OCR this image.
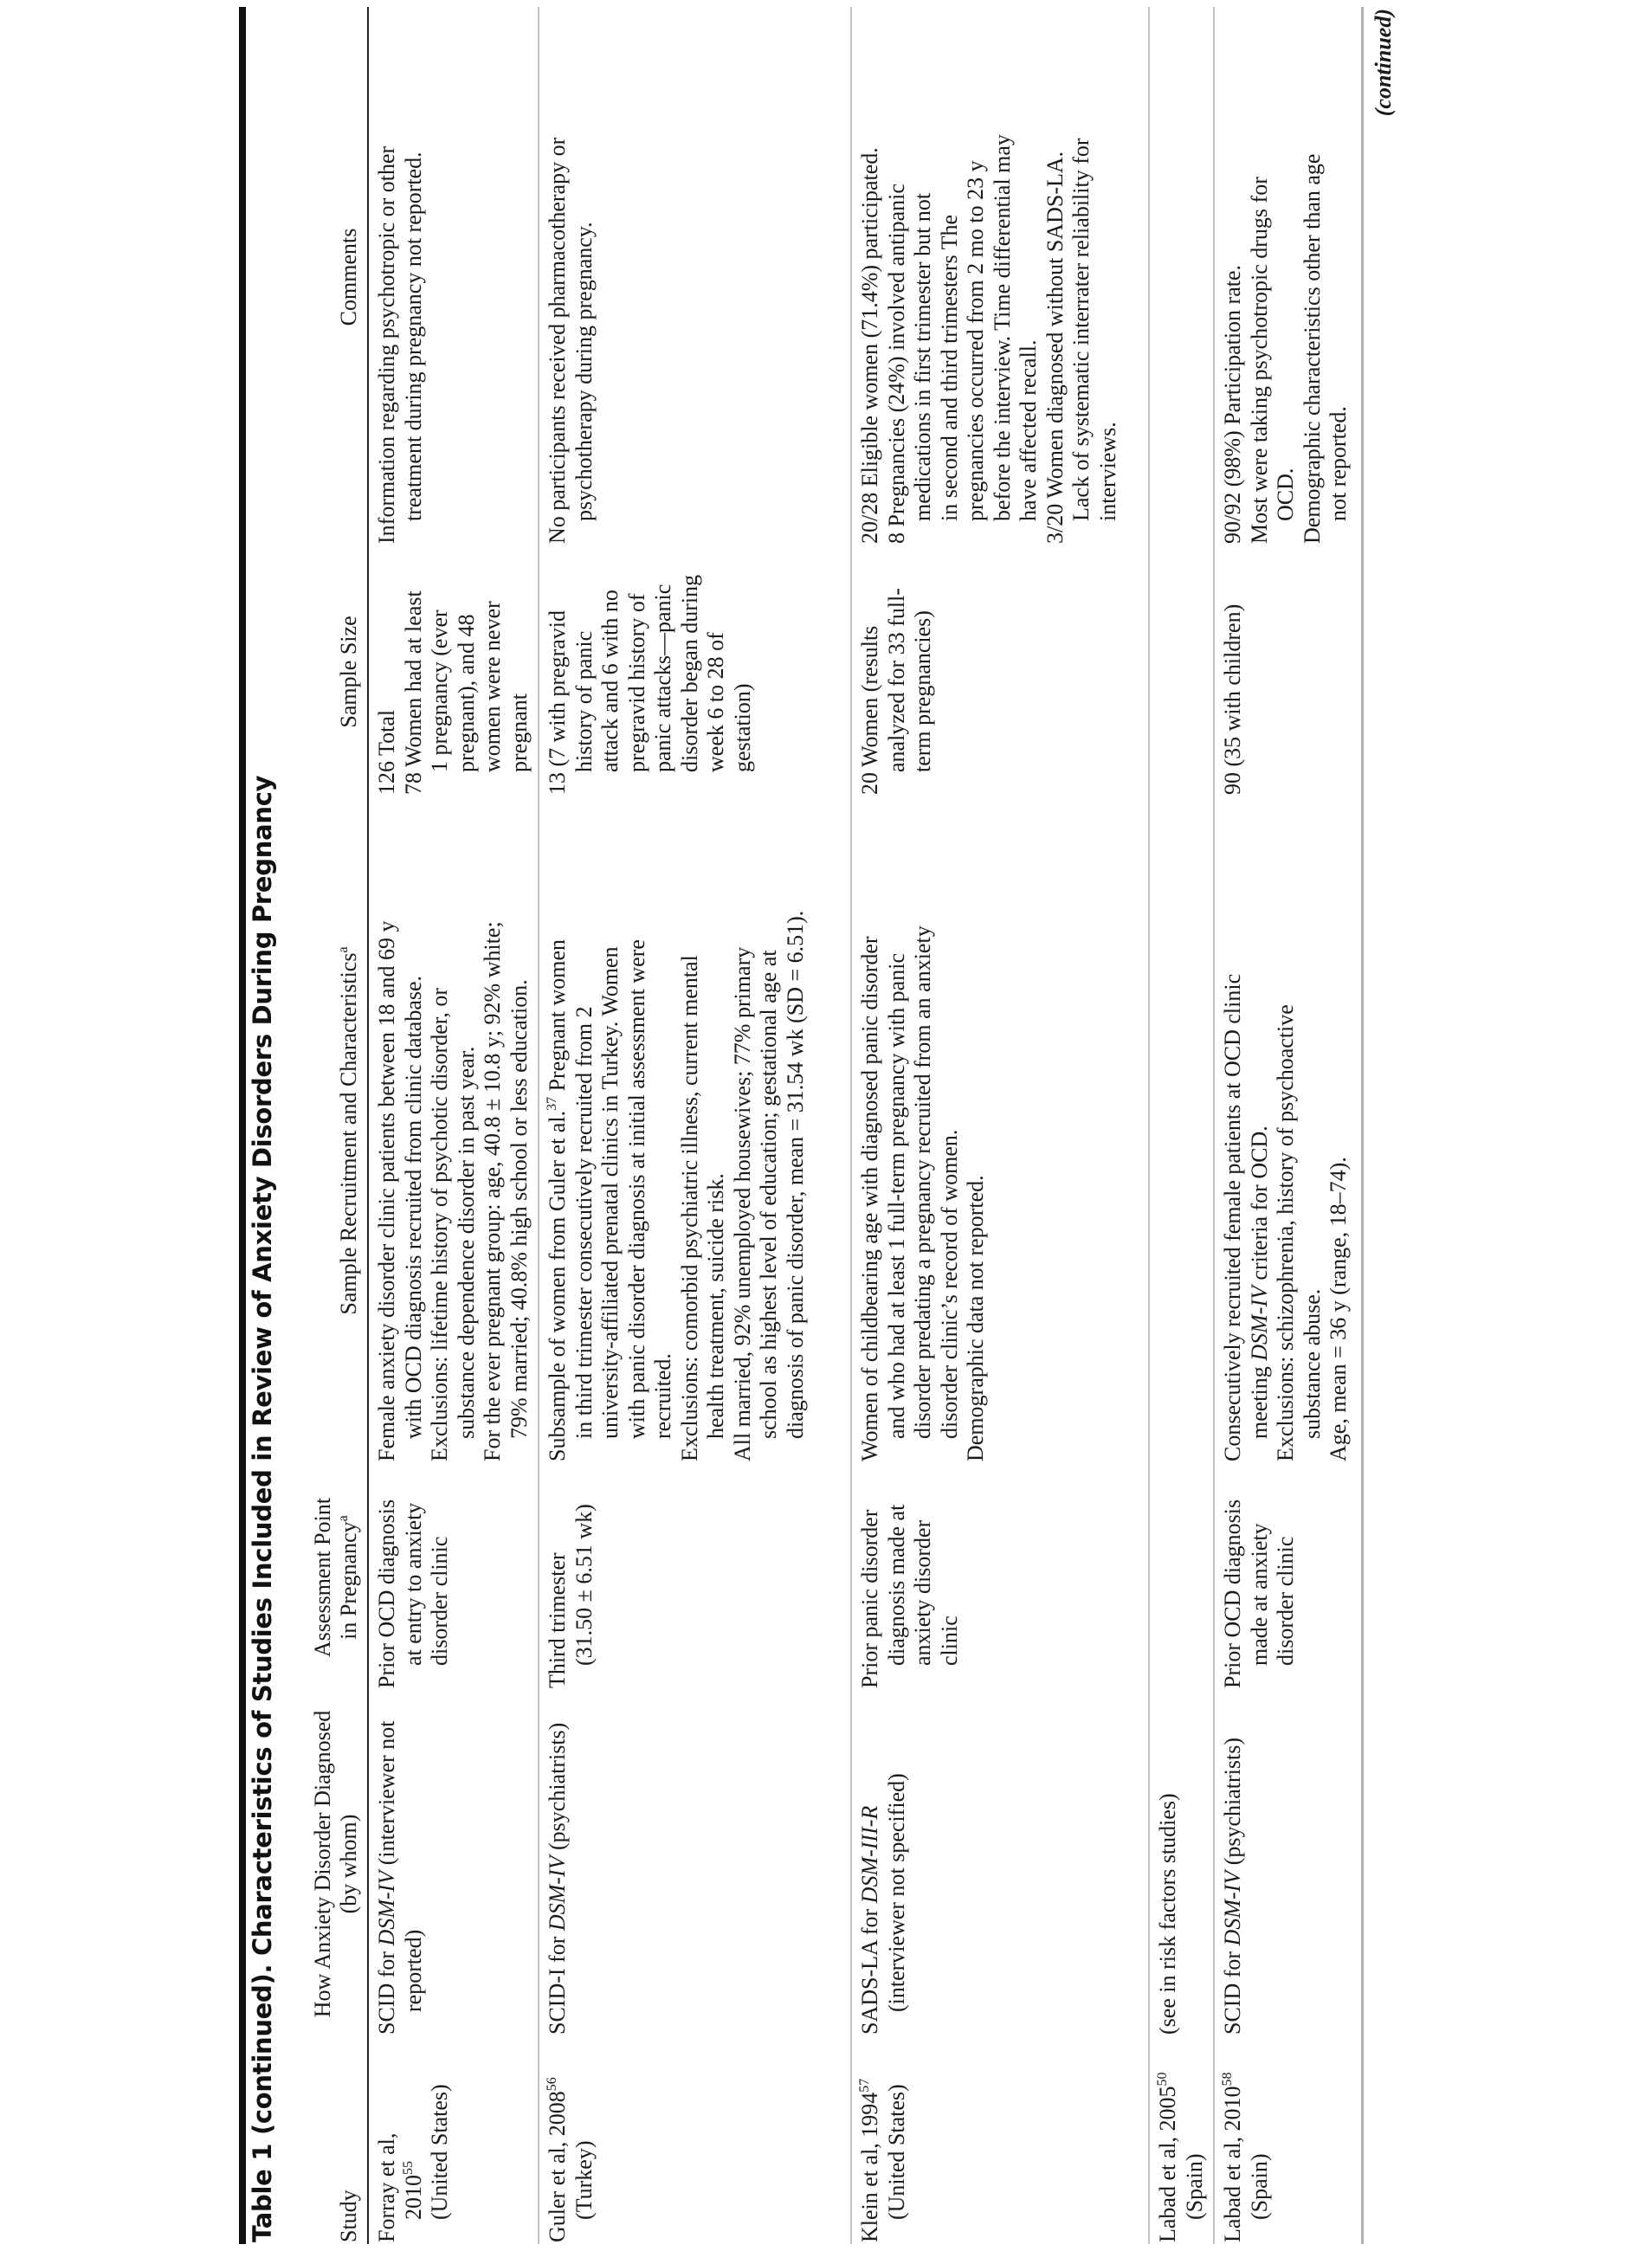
Table 1 (continued). Characteristics of Studies Included in Review of Anxiety Disorders During Pregnancy	Study
How Anxiety Disorder Diagnosed (by whom)
Assessment Point in Pregnancy$^a$
Sample Recruitment and Characteristics$^a$
Sample Size
Comments
Forray et al, 2010$^{55}$ (United States)
SCID for DSM-IV (interviewer not
reported)
Prior OCD diagnosis at entry to anxiety disorder clinic
Female anxiety disorder clinic patients between 18 and 69 y with OCD diagnosis recruited from clinic database. Exclusions: lifetime history of psychotic disorder, or substance dependence disorder in past year. For the ever pregnant group: age, 40.8 ± 10.8 y; 92% white; 79% married; 40.8% high school or less education.
126 Total 78 Women had at least 1 pregnancy (ever pregnant), and 48 women were never pregnant
Information regarding psychotropic or other treatment during pregnancy not reported.
Guler et al, 2008$^{56}$
(Turkey)
SCID-I for DSM-IV (psychiatrists)
Third trimester (31.50 ± 6.51 wk)
Subsample of women from Guler et al.$^{37}$ Pregnant women in third trimester consecutively recruited from 2 university-affiliated prenatal clinics in Turkey. Women with panic disorder diagnosis at initial assessment were recruited. Exclusions: comorbid psychiatric illness, current mental health treatment, suicide risk. All married, 92% unemployed housewives; 77% primary school as highest level of education; gestational age at diagnosis of panic disorder, mean = 31.54 wk (SD = 6.51).
13 (7 with pregravid history of panic attack and 6 with no pregravid history of panic attacks—panic disorder began during week 6 to 28 of gestation)
No participants received pharmacotherapy or psychotherapy during pregnancy.
Klein et al, 1994$^{57}$ (United States)
SADS-LA for DSM-III-R (interviewer not specified)
Prior panic disorder diagnosis made at anxiety disorder clinic
Women of childbearing age with diagnosed panic disorder and who had at least 1 full-term pregnancy with panic disorder predating a pregnancy recruited from an anxiety disorder clinic’s record of women. Demographic data not reported.
20 Women (results analyzed for 33 full- term pregnancies)
20/28 Eligible women (71.4%) participated. 8 Pregnancies (24%) involved antipanic medications in first trimester but not in second and third trimesters The pregnancies occurred from 2 mo to 23 y before the interview. Time differential may have affected recall. 3/20 Women diagnosed without SADS-LA. Lack of systematic interrater reliability for interviews.
Labad et al, 2005$^{50}$
(Spain)
(see in risk factors studies)
Labad et al, 2010$^{58}$
(Spain)
SCID for DSM-IV (psychiatrists)
Prior OCD diagnosis made at anxiety disorder clinic
Consecutively recruited female patients at OCD clinic meeting DSM-IV criteria for OCD. Exclusions: schizophrenia, history of psychoactive substance abuse. Age, mean = 36 y (range, 18–74).
90 (35 with children)
90/92 (98%) Participation rate. Most were taking psychotropic drugs for OCD. Demographic characteristics other than age not reported.
(continued)
